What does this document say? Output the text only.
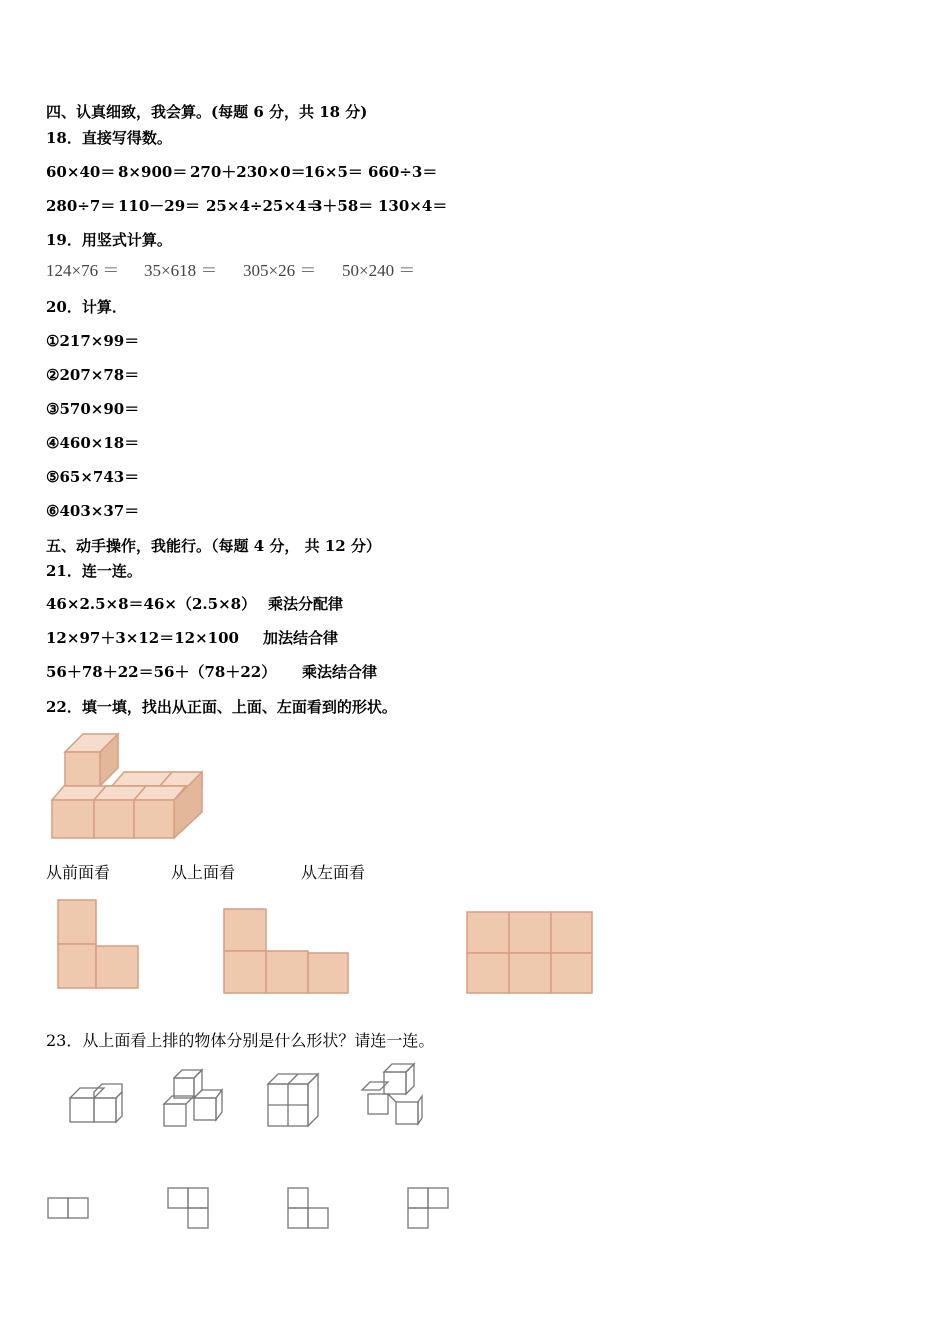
四、认真细致，我会算。(每题 6 分，共 18 分)
18．直接写得数。
60×40＝ 8×900＝ 270＋230×0＝16×5＝ 660÷3＝
280÷7＝ 110－29＝ 25×4÷25×4＝3＋58＝ 130×4＝
19．用竖式计算。
124×76 ＝ 35×618 ＝ 305×26 ＝ 50×240 ＝
20．计算．
①217×99＝
②207×78＝
③570×90＝
④460×18＝
⑤65×743＝
⑥403×37＝
五、动手操作，我能行。（每题 4 分， 共 12 分）
21．连一连。
46×2.5×8＝46×（2.5×8） 乘法分配律
12×97＋3×12＝12×100 加法结合律
56＋78＋22＝56＋（78＋22） 乘法结合律
22．填一填，找出从正面、上面、左面看到的形状。
从前面看	从上面看	从左面看
23．从上面看上排的物体分别是什么形状？请连一连。
